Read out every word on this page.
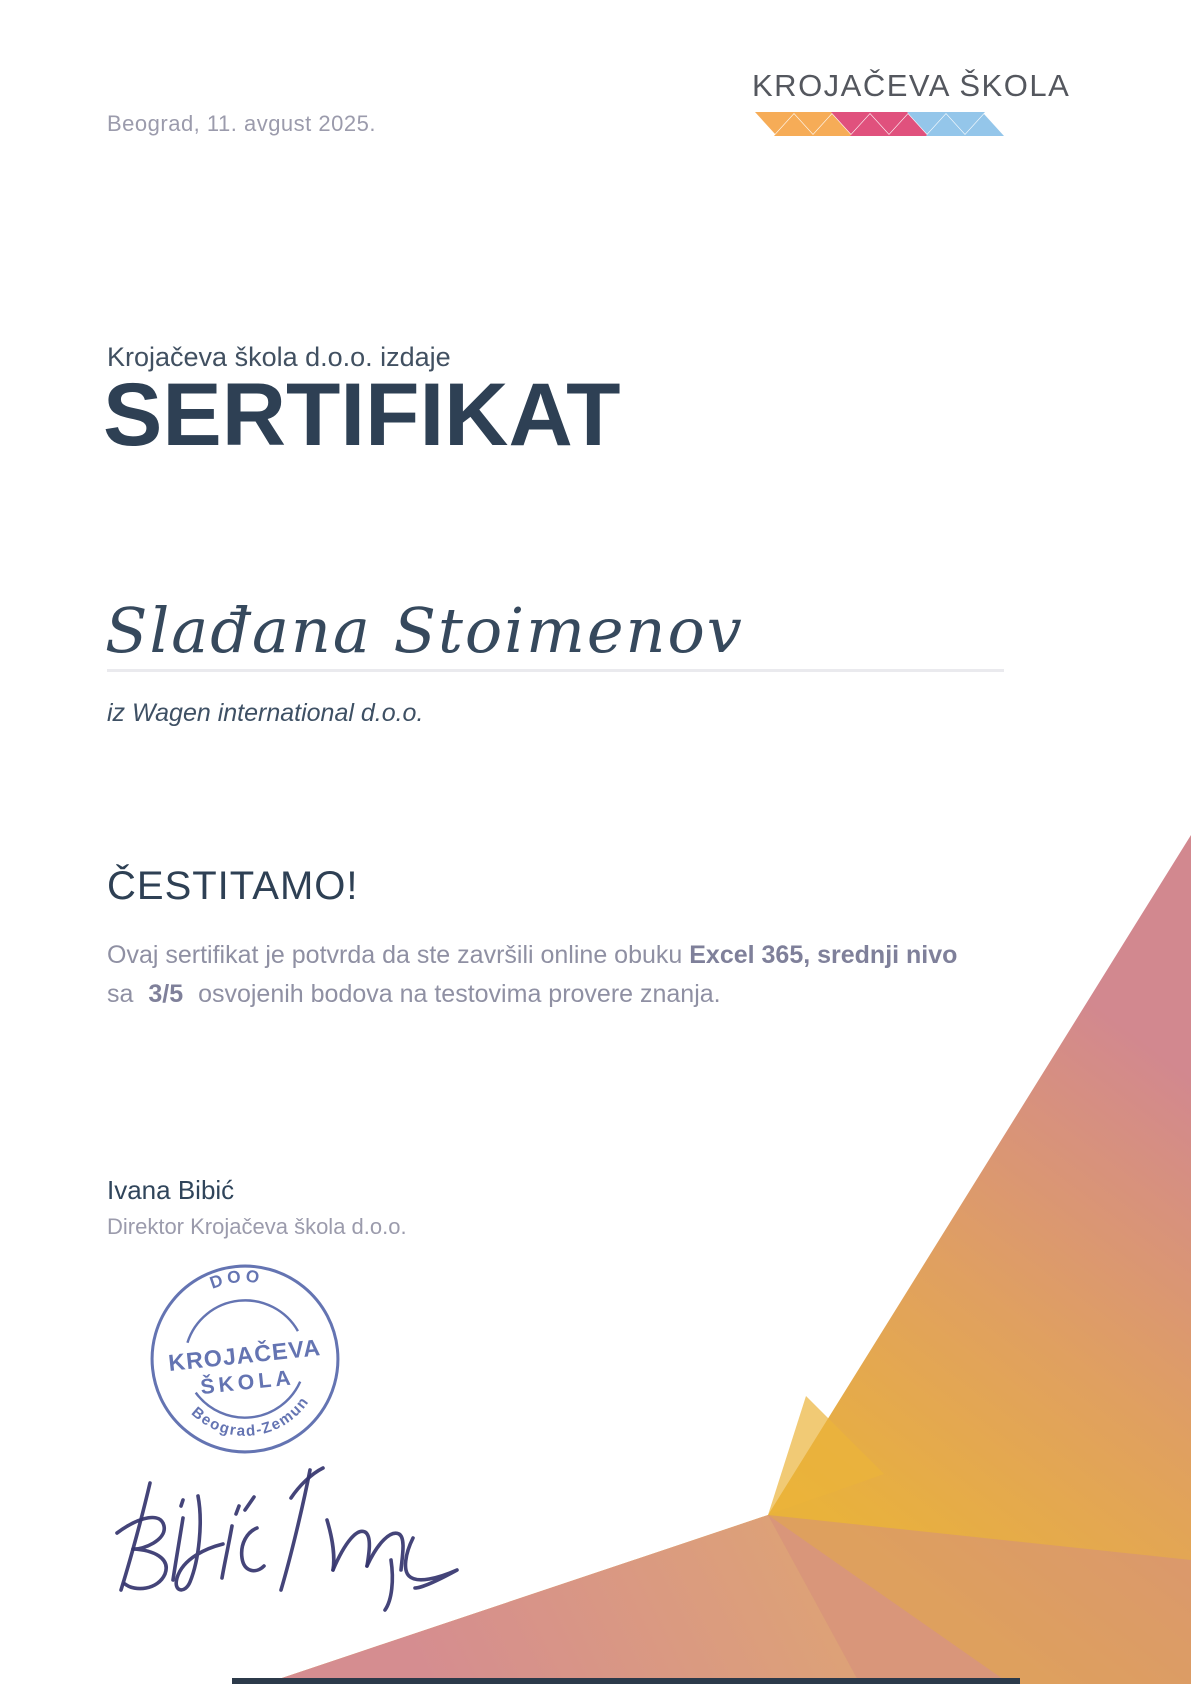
Beograd, 11. avgust 2025.
KROJAČEVA ŠKOLA
Krojačeva škola d.o.o. izdaje
SERTIFIKAT
Slađana Stoimenov
iz Wagen international d.o.o.
ČESTITAMO!
Ovaj sertifikat je potvrda da ste završili online obuku Excel 365, srednji nivo sa 3/5 osvojenih bodova na testovima provere znanja.
Ivana Bibić
Direktor Krojačeva škola d.o.o.
DOO
KROJAČEVA
ŠKOLA
Beograd-Zemun
